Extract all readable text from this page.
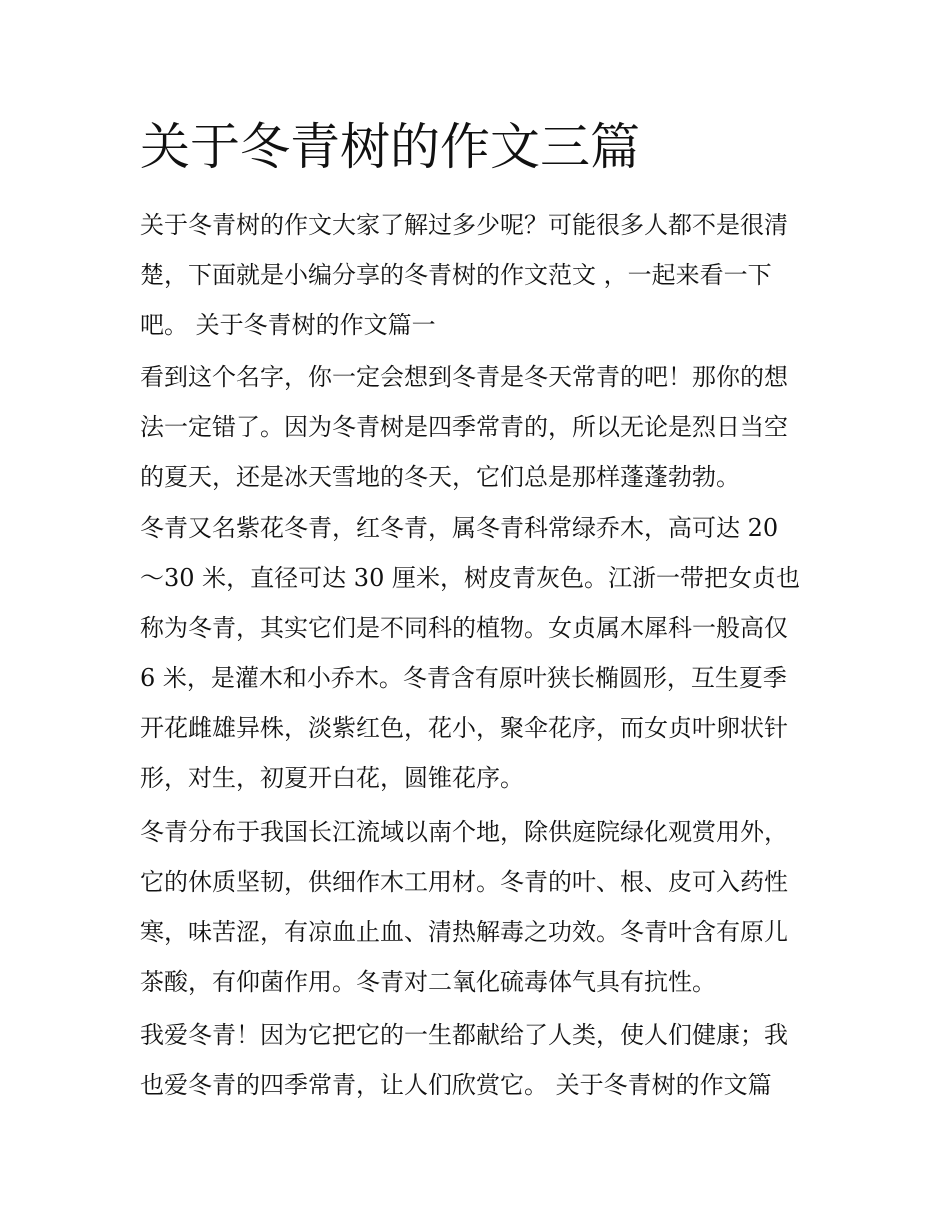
关于冬青树的作文三篇
关于冬青树的作文大家了解过多少呢？可能很多人都不是很清
楚，下面就是小编分享的冬青树的作文范文 ，一起来看一下
吧。 关于冬青树的作文篇一
看到这个名字，你一定会想到冬青是冬天常青的吧！那你的想
法一定错了。因为冬青树是四季常青的，所以无论是烈日当空
的夏天，还是冰天雪地的冬天，它们总是那样蓬蓬勃勃。
冬青又名紫花冬青，红冬青，属冬青科常绿乔木，高可达 20
～30 米，直径可达 30 厘米，树皮青灰色。江浙一带把女贞也
称为冬青，其实它们是不同科的植物。女贞属木犀科一般高仅
6 米，是灌木和小乔木。冬青含有原叶狭长椭圆形，互生夏季
开花雌雄异株，淡紫红色，花小，聚伞花序，而女贞叶卵状针
形，对生，初夏开白花，圆锥花序。
冬青分布于我国长江流域以南个地，除供庭院绿化观赏用外，
它的休质坚韧，供细作木工用材。冬青的叶、根、皮可入药性
寒，味苦涩，有凉血止血、清热解毒之功效。冬青叶含有原儿
茶酸，有仰菌作用。冬青对二氧化硫毒体气具有抗性。
我爱冬青！因为它把它的一生都献给了人类，使人们健康；我
也爱冬青的四季常青，让人们欣赏它。 关于冬青树的作文篇
